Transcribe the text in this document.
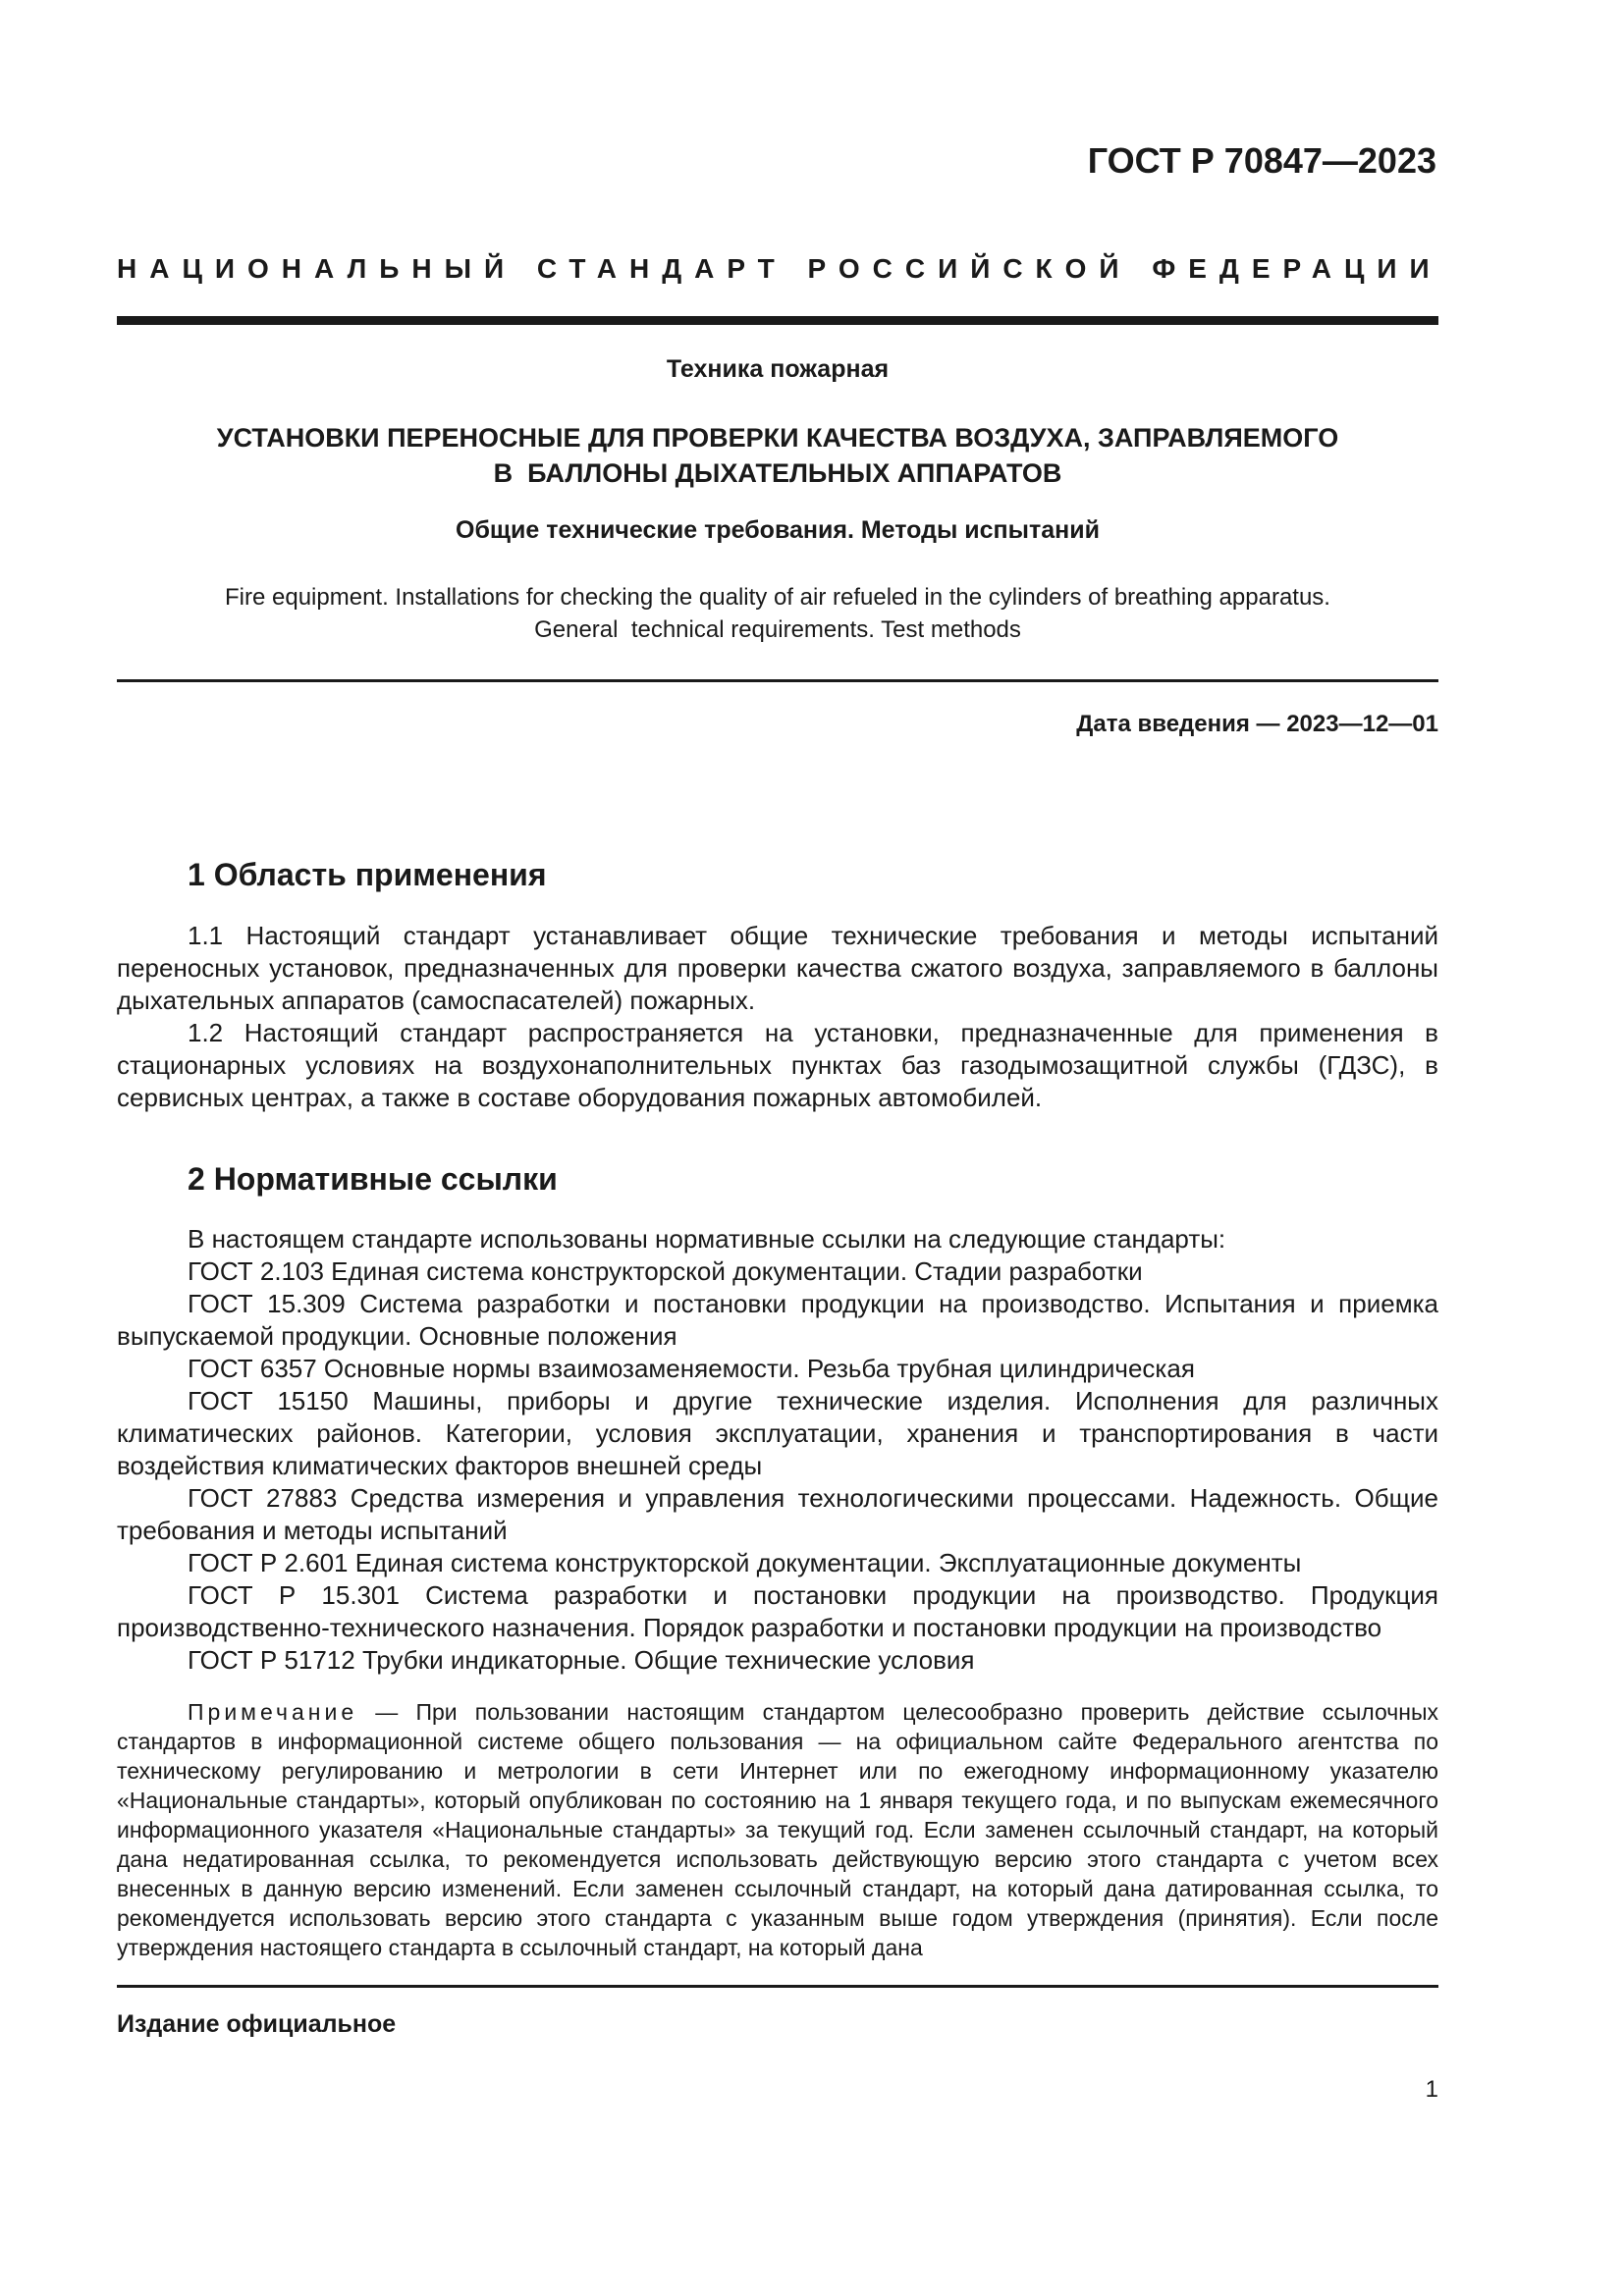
ГОСТ Р 70847—2023
НАЦИОНАЛЬНЫЙ СТАНДАРТ РОССИЙСКОЙ ФЕДЕРАЦИИ
Техника пожарная
УСТАНОВКИ ПЕРЕНОСНЫЕ ДЛЯ ПРОВЕРКИ КАЧЕСТВА ВОЗДУХА, ЗАПРАВЛЯЕМОГО
В  БАЛЛОНЫ ДЫХАТЕЛЬНЫХ АППАРАТОВ
Общие технические требования. Методы испытаний
Fire equipment. Installations for checking the quality of air refueled in the cylinders of breathing apparatus.
General  technical requirements. Test methods
Дата введения — 2023—12—01
1 Область применения

1.1 Настоящий стандарт устанавливает общие технические требования и методы испытаний переносных установок, предназначенных для проверки качества сжатого воздуха, заправляемого в баллоны дыхательных аппаратов (самоспасателей) пожарных.

1.2 Настоящий стандарт распространяется на установки, предназначенные для применения в стационарных условиях на воздухонаполнительных пунктах баз газодымозащитной службы (ГДЗС), в сервисных центрах, а также в составе оборудования пожарных автомобилей.

2 Нормативные ссылки

В настоящем стандарте использованы нормативные ссылки на следующие стандарты:

ГОСТ 2.103 Единая система конструкторской документации. Стадии разработки

ГОСТ 15.309 Система разработки и постановки продукции на производство. Испытания и приемка выпускаемой продукции. Основные положения

ГОСТ 6357 Основные нормы взаимозаменяемости. Резьба трубная цилиндрическая

ГОСТ 15150 Машины, приборы и другие технические изделия. Исполнения для различных климатических районов. Категории, условия эксплуатации, хранения и транспортирования в части воздействия климатических факторов внешней среды

ГОСТ 27883 Средства измерения и управления технологическими процессами. Надежность. Общие требования и методы испытаний

ГОСТ Р 2.601 Единая система конструкторской документации. Эксплуатационные документы

ГОСТ Р 15.301 Система разработки и постановки продукции на производство. Продукция производственно-технического назначения. Порядок разработки и постановки продукции на производство

ГОСТ Р 51712 Трубки индикаторные. Общие технические условия

Примечание — При пользовании настоящим стандартом целесообразно проверить действие ссылочных стандартов в информационной системе общего пользования — на официальном сайте Федерального агентства по техническому регулированию и метрологии в сети Интернет или по ежегодному информационному указателю «Национальные стандарты», который опубликован по состоянию на 1 января текущего года, и по выпускам ежемесячного информационного указателя «Национальные стандарты» за текущий год. Если заменен ссылочный стандарт, на который дана недатированная ссылка, то рекомендуется использовать действующую версию этого стандарта с учетом всех внесенных в данную версию изменений. Если заменен ссылочный стандарт, на который дана датированная ссылка, то рекомендуется использовать версию этого стандарта с указанным выше годом утверждения (принятия). Если после утверждения настоящего стандарта в ссылочный стандарт, на который дана
Издание официальное
1
